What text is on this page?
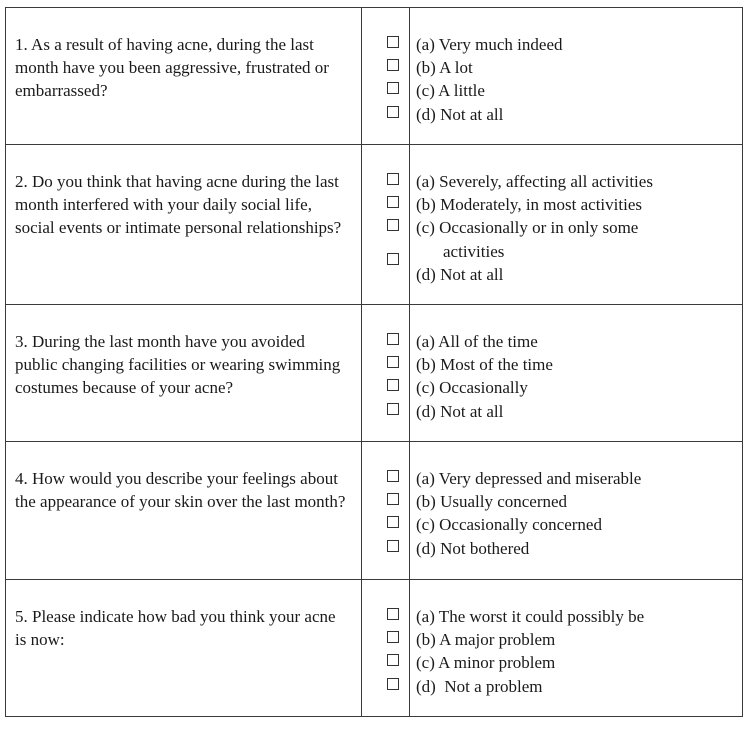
1. As a result of having acne, during the last month have you been aggressive, frustrated or embarrassed?		(a) Very much indeed
(b) A lot
(c) A little
(d) Not at all

2. Do you think that having acne during the last month interfered with your daily social life, social events or intimate personal relationships?		(a) Severely, affecting all activities
(b) Moderately, in most activities
(c) Occasionally or in only some
activities
(d) Not at all

3. During the last month have you avoided public changing facilities or wearing swimming costumes because of your acne?		(a) All of the time
(b) Most of the time
(c) Occasionally
(d) Not at all

4. How would you describe your feelings about the appearance of your skin over the last month?		(a) Very depressed and miserable
(b) Usually concerned
(c) Occasionally concerned
(d) Not bothered

5. Please indicate how bad you think your acne is now:		(a) The worst it could possibly be
(b) A major problem
(c) A minor problem
(d)  Not a problem
